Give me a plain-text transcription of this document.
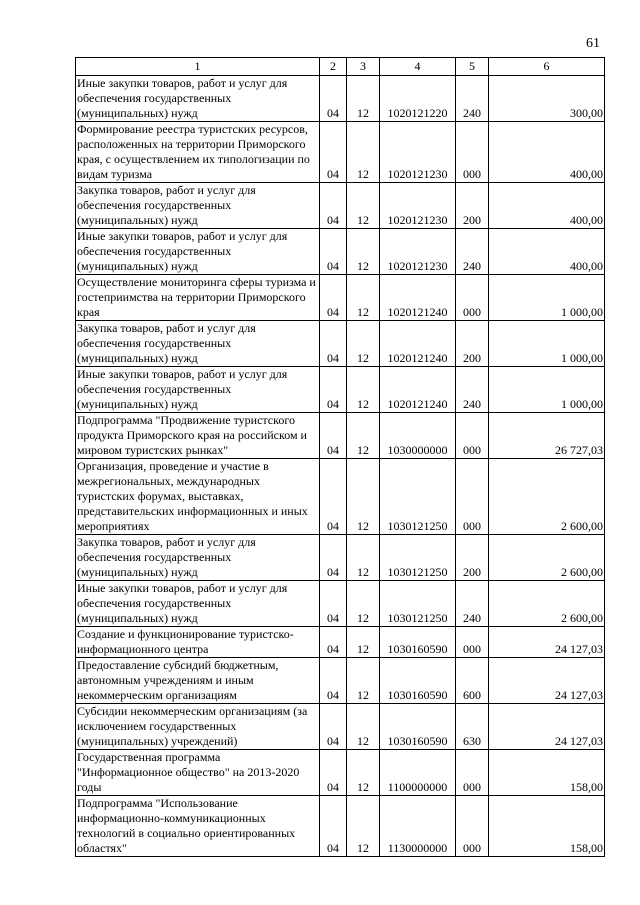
61
1	2	3	4	5	6
Иные закупки товаров, работ и услуг для обеспечения государственных (муниципальных) нужд	04	12	1020121220	240	300,00
Формирование реестра туристских ресурсов, расположенных на территории Приморского края, с осуществлением их типологизации по видам туризма	04	12	1020121230	000	400,00
Закупка товаров, работ и услуг для обеспечения государственных (муниципальных) нужд	04	12	1020121230	200	400,00
Иные закупки товаров, работ и услуг для обеспечения государственных (муниципальных) нужд	04	12	1020121230	240	400,00
Осуществление мониторинга сферы туризма и гостеприимства на территории Приморского края	04	12	1020121240	000	1 000,00
Закупка товаров, работ и услуг для обеспечения государственных (муниципальных) нужд	04	12	1020121240	200	1 000,00
Иные закупки товаров, работ и услуг для обеспечения государственных (муниципальных) нужд	04	12	1020121240	240	1 000,00
Подпрограмма "Продвижение туристского продукта Приморского края на российском и мировом туристских рынках"	04	12	1030000000	000	26 727,03
Организация, проведение и участие в межрегиональных, международных туристских форумах, выставках, представительских информационных и иных мероприятиях	04	12	1030121250	000	2 600,00
Закупка товаров, работ и услуг для обеспечения государственных (муниципальных) нужд	04	12	1030121250	200	2 600,00
Иные закупки товаров, работ и услуг для обеспечения государственных (муниципальных) нужд	04	12	1030121250	240	2 600,00
Создание и функционирование туристско-информационного центра	04	12	1030160590	000	24 127,03
Предоставление субсидий бюджетным, автономным учреждениям и иным некоммерческим организациям	04	12	1030160590	600	24 127,03
Субсидии некоммерческим организациям (за исключением государственных (муниципальных) учреждений)	04	12	1030160590	630	24 127,03
Государственная программа "Информационное общество" на 2013-2020 годы	04	12	1100000000	000	158,00
Подпрограмма "Использование информационно-коммуникационных технологий в социально ориентированных областях"	04	12	1130000000	000	158,00
